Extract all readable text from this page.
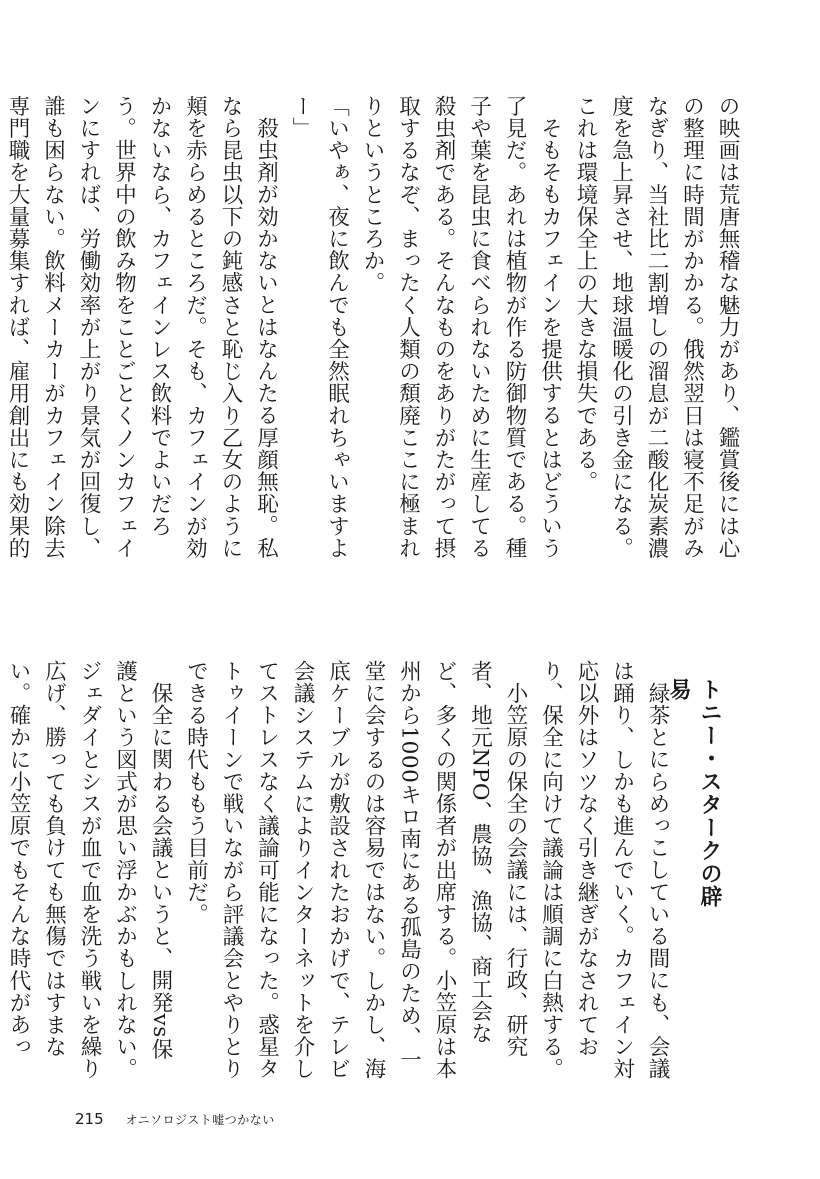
の映画は荒唐無稽な魅力があり、鑑賞後には心の整理に時間がかかる。俄然翌日は寝不足がみなぎり、当社比二割増しの溜息が二酸化炭素濃度を急上昇させ、地球温暖化の引き金になる。これは環境保全上の大きな損失である。

そもそもカフェインを提供するとはどういう了見だ。あれは植物が作る防御物質である。種子や葉を昆虫に食べられないために生産してる殺虫剤である。そんなものをありがたがって摂取するなぞ、まったく人類の頽廃ここに極まれりというところか。

「いやぁ、夜に飲んでも全然眠れちゃいますよー」

殺虫剤が効かないとはなんたる厚顔無恥。私なら昆虫以下の鈍感さと恥じ入り乙女のように頬を赤らめるところだ。そも、カフェインが効かないなら、カフェインレス飲料でよいだろう。世界中の飲み物をことごとくノンカフェインにすれば、労働効率が上がり景気が回復し、誰も困らない。飲料メーカーがカフェイン除去専門職を大量募集すれば、雇用創出にも効果的

トニー・スタークの辟易

緑茶とにらめっこしている間にも、会議は踊り、しかも進んでいく。カフェイン対応以外はソツなく引き継ぎがなされており、保全に向けて議論は順調に白熱する。

小笠原の保全の会議には、行政、研究者、地元NPO、農協、漁協、商工会など、多くの関係者が出席する。小笠原は本州から1000キロ南にある孤島のため、一堂に会するのは容易ではない。しかし、海底ケーブルが敷設されたおかげで、テレビ会議システムによりインターネットを介してストレスなく議論可能になった。惑星タトゥイーンで戦いながら評議会とやりとりできる時代ももう目前だ。

保全に関わる会議というと、開発vs保護という図式が思い浮かぶかもしれない。ジェダイとシスが血で血を洗う戦いを繰り広げ、勝っても負けても無傷ではすまない。確かに小笠原でもそんな時代があっ

215 オニソロジスト嘘つかない
